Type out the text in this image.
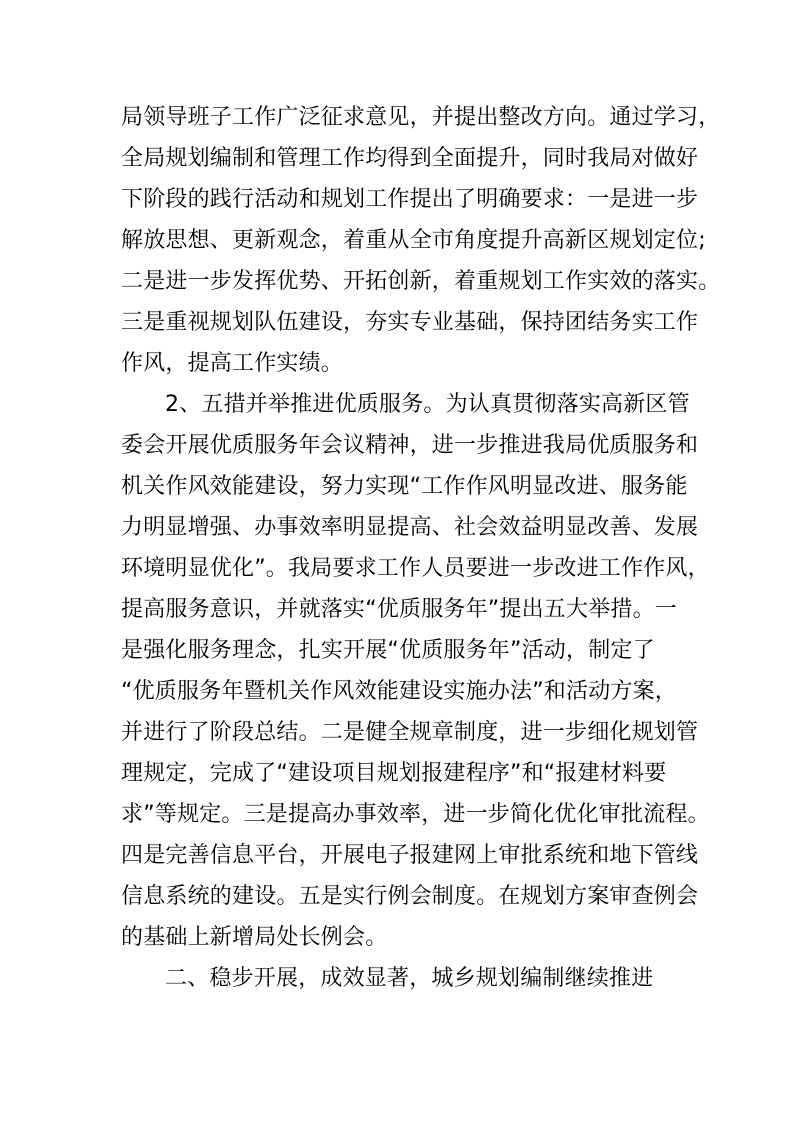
局领导班子工作广泛征求意见，并提出整改方向。通过学习，
全局规划编制和管理工作均得到全面提升，同时我局对做好
下阶段的践行活动和规划工作提出了明确要求：一是进一步
解放思想、更新观念，着重从全市角度提升高新区规划定位;
二是进一步发挥优势、开拓创新，着重规划工作实效的落实。
三是重视规划队伍建设，夯实专业基础，保持团结务实工作
作风，提高工作实绩。
2、五措并举推进优质服务。为认真贯彻落实高新区管
委会开展优质服务年会议精神，进一步推进我局优质服务和
机关作风效能建设，努力实现“工作作风明显改进、服务能
力明显增强、办事效率明显提高、社会效益明显改善、发展
环境明显优化”。我局要求工作人员要进一步改进工作作风，
提高服务意识，并就落实“优质服务年”提出五大举措。一
是强化服务理念，扎实开展“优质服务年”活动，制定了
“优质服务年暨机关作风效能建设实施办法”和活动方案，
并进行了阶段总结。二是健全规章制度，进一步细化规划管
理规定，完成了“建设项目规划报建程序”和“报建材料要
求”等规定。三是提高办事效率，进一步简化优化审批流程。
四是完善信息平台，开展电子报建网上审批系统和地下管线
信息系统的建设。五是实行例会制度。在规划方案审查例会
的基础上新增局处长例会。
二、稳步开展，成效显著，城乡规划编制继续推进
